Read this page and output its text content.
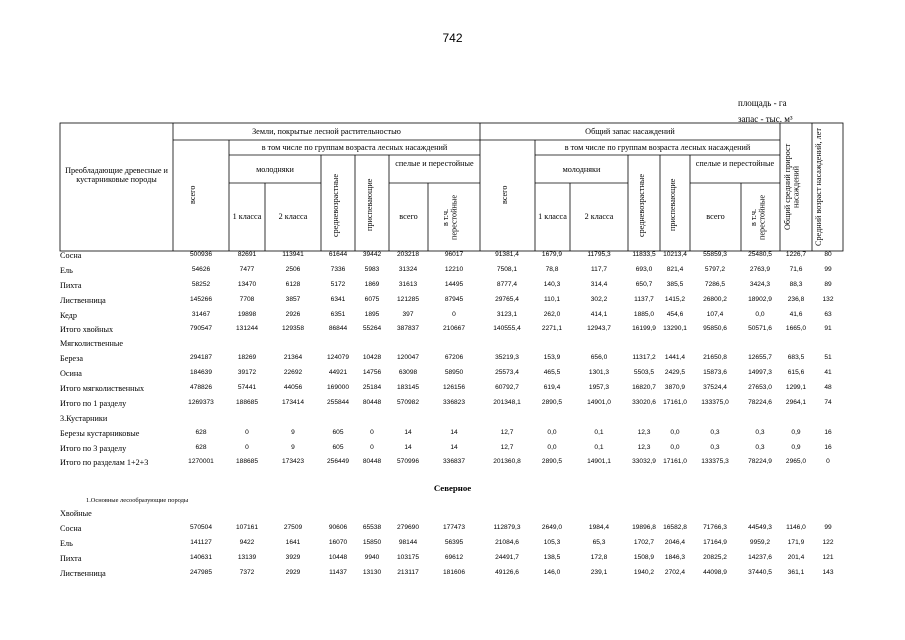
742
площадь - га
запас - тыс. м³
Преобладающие древесные и кустарниковые породы
Земли, покрытые лесной растительностью
в том числе по группам возраста лесных насаждений
всего
молодняки
1 класса	2 класса	средневозрастные	приспевающие
спелые и перестойные
всего	в т.ч. перестойные
Общий запас насаждений
в том числе по группам возраста лесных насаждений
всего
молодняки
1 класса	2 класса	средневозрастные	приспевающие
спелые и перестойные
всего	в т.ч. перестойные	Общий средний прирост насаждений	Средний возраст насаждений, лет
Сосна	500936	82691	113941	61644	39442	203218	96017	91381,4	1679,9	11795,3	11833,5	10213,4	55859,3	25480,5	1226,7	80
Ель	54626	7477	2506	7336	5983	31324	12210	7508,1	78,8	117,7	693,0	821,4	5797,2	2763,9	71,6	99
Пихта	58252	13470	6128	5172	1869	31613	14495	8777,4	140,3	314,4	650,7	385,5	7286,5	3424,3	88,3	89
Лиственница	145266	7708	3857	6341	6075	121285	87945	29765,4	110,1	302,2	1137,7	1415,2	26800,2	18902,9	236,8	132
Кедр	31467	19898	2926	6351	1895	397	0	3123,1	262,0	414,1	1885,0	454,6	107,4	0,0	41,6	63
Итого хвойных	790547	131244	129358	86844	55264	387837	210667	140555,4	2271,1	12943,7	16199,9	13290,1	95850,6	50571,6	1665,0	91
Мягколиственные
Береза	294187	18269	21364	124079	10428	120047	67206	35219,3	153,9	656,0	11317,2	1441,4	21650,8	12655,7	683,5	51
Осина	184639	39172	22692	44921	14756	63098	58950	25573,4	465,5	1301,3	5503,5	2429,5	15873,6	14997,3	615,6	41
Итого мягколиственных	478826	57441	44056	169000	25184	183145	126156	60792,7	619,4	1957,3	16820,7	3870,9	37524,4	27653,0	1299,1	48
Итого по 1 разделу	1269373	188685	173414	255844	80448	570982	336823	201348,1	2890,5	14901,0	33020,6	17161,0	133375,0	78224,6	2964,1	74
3.Кустарники
Березы кустарниковые	628	0	9	605	0	14	14	12,7	0,0	0,1	12,3	0,0	0,3	0,3	0,9	16
Итого по 3 разделу	628	0	9	605	0	14	14	12,7	0,0	0,1	12,3	0,0	0,3	0,3	0,9	16
Итого по разделам 1+2+3	1270001	188685	173423	256449	80448	570996	336837	201360,8	2890,5	14901,1	33032,9	17161,0	133375,3	78224,9	2965,0	0
Северное
1.Основные лесообразующие породы
Хвойные
Сосна	570504	107161	27509	90606	65538	279690	177473	112879,3	2649,0	1984,4	19896,8	16582,8	71766,3	44549,3	1146,0	99
Ель	141127	9422	1641	16070	15850	98144	56395	21084,6	105,3	65,3	1702,7	2046,4	17164,9	9959,2	171,9	122
Пихта	140631	13139	3929	10448	9940	103175	69612	24491,7	138,5	172,8	1508,9	1846,3	20825,2	14237,6	201,4	121
Лиственница	247985	7372	2929	11437	13130	213117	181606	49126,6	146,0	239,1	1940,2	2702,4	44098,9	37440,5	361,1	143
